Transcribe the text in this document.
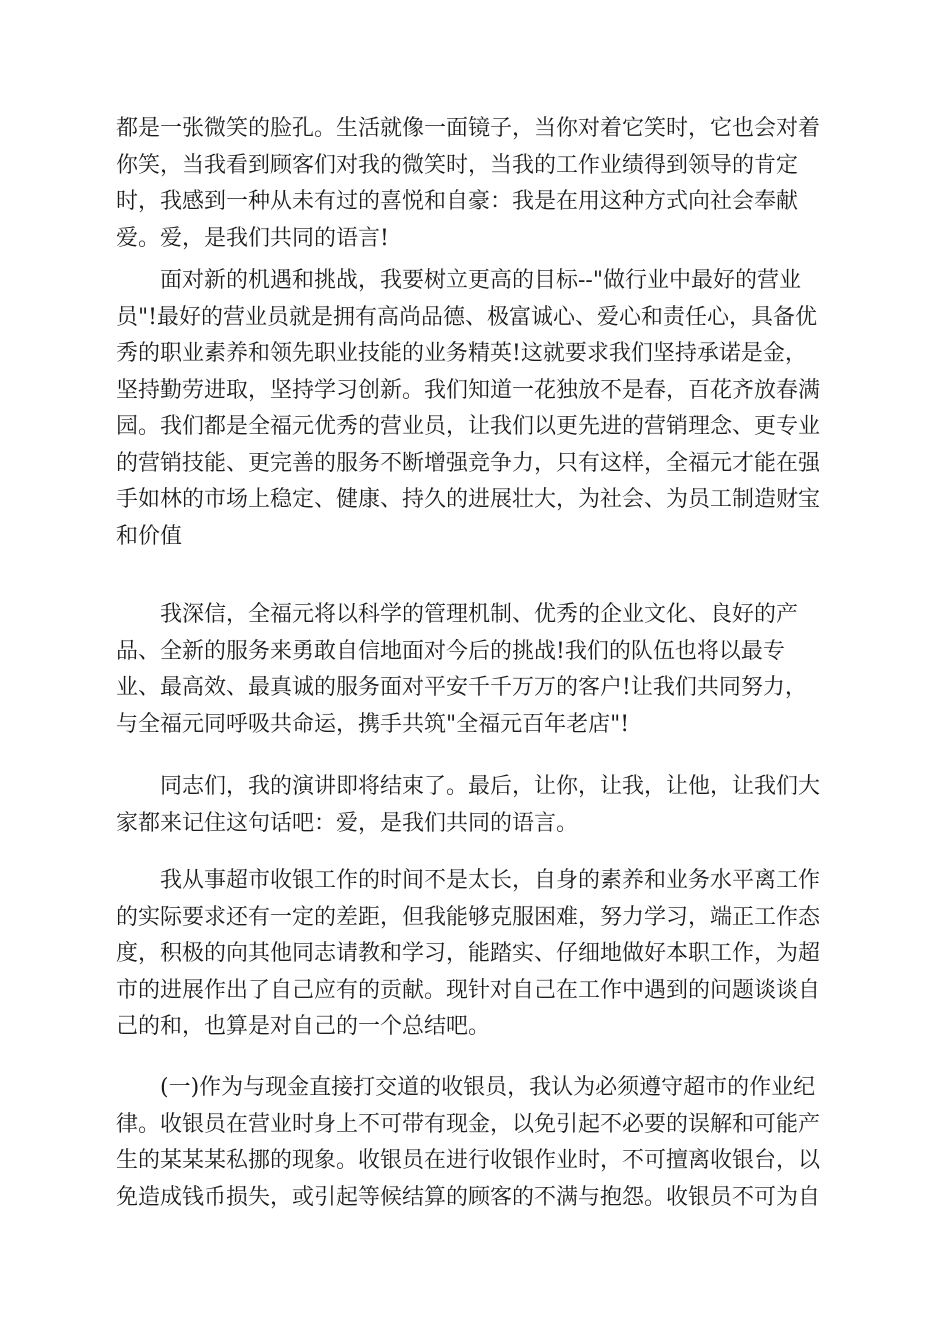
都是一张微笑的脸孔。生活就像一面镜子，当你对着它笑时，它也会对着
你笑，当我看到顾客们对我的微笑时，当我的工作业绩得到领导的肯定
时，我感到一种从未有过的喜悦和自豪：我是在用这种方式向社会奉献
爱。爱，是我们共同的语言!

　　面对新的机遇和挑战，我要树立更高的目标--"做行业中最好的营业
员"!最好的营业员就是拥有高尚品德、极富诚心、爱心和责任心，具备优
秀的职业素养和领先职业技能的业务精英!这就要求我们坚持承诺是金，
坚持勤劳进取，坚持学习创新。我们知道一花独放不是春，百花齐放春满
园。我们都是全福元优秀的营业员，让我们以更先进的营销理念、更专业
的营销技能、更完善的服务不断增强竞争力，只有这样，全福元才能在强
手如林的市场上稳定、健康、持久的进展壮大，为社会、为员工制造财宝
和价值

　　我深信，全福元将以科学的管理机制、优秀的企业文化、良好的产
品、全新的服务来勇敢自信地面对今后的挑战!我们的队伍也将以最专
业、最高效、最真诚的服务面对平安千千万万的客户!让我们共同努力，
与全福元同呼吸共命运，携手共筑"全福元百年老店"!

　　同志们，我的演讲即将结束了。最后，让你，让我，让他，让我们大
家都来记住这句话吧：爱，是我们共同的语言。

　　我从事超市收银工作的时间不是太长，自身的素养和业务水平离工作
的实际要求还有一定的差距，但我能够克服困难，努力学习，端正工作态
度，积极的向其他同志请教和学习，能踏实、仔细地做好本职工作，为超
市的进展作出了自己应有的贡献。现针对自己在工作中遇到的问题谈谈自
己的和，也算是对自己的一个总结吧。

　　(一)作为与现金直接打交道的收银员，我认为必须遵守超市的作业纪
律。收银员在营业时身上不可带有现金，以免引起不必要的误解和可能产
生的某某某私挪的现象。收银员在进行收银作业时，不可擅离收银台，以
免造成钱币损失，或引起等候结算的顾客的不满与抱怨。收银员不可为自
